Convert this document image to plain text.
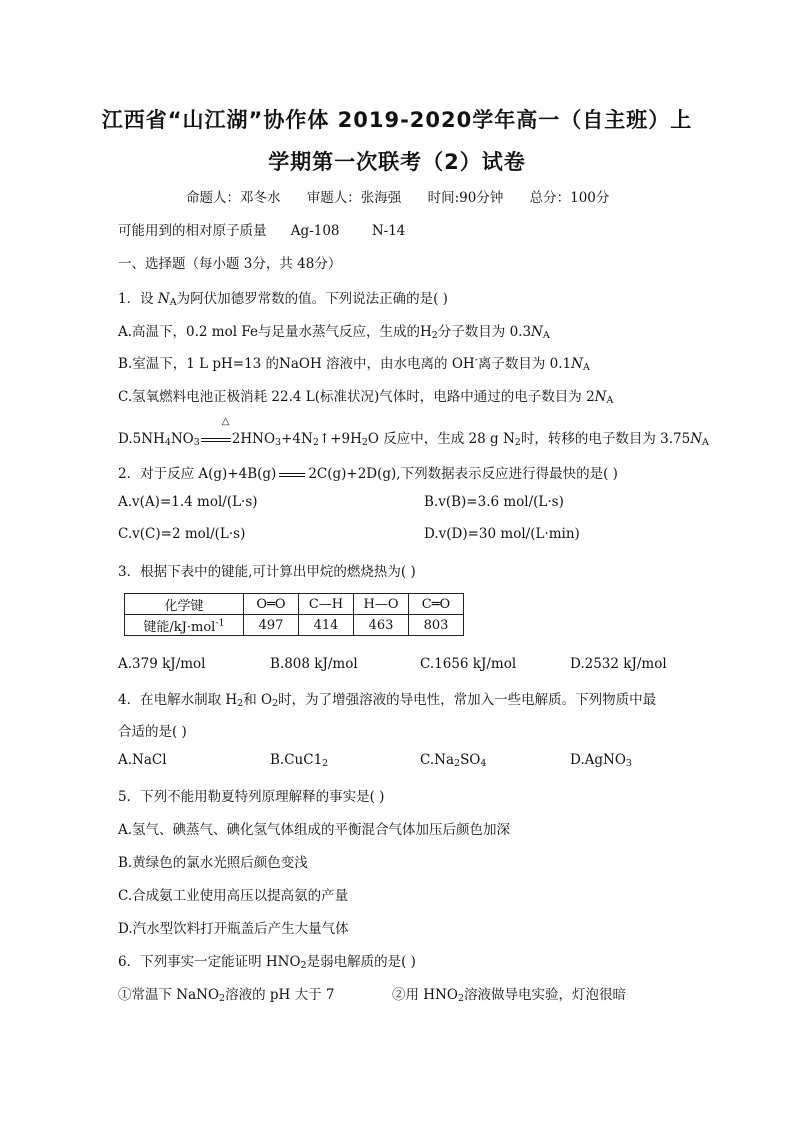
江西省“山江湖”协作体 2019-2020学年高一（自主班）上
学期第一次联考（2）试卷
命题人：邓冬水 审题人：张海强 时间:90分钟 总分：100分
可能用到的相对原子质量 Ag-108 N-14
一、选择题（每小题 3分，共 48分）
1．设 $N_A$为阿伏加德罗常数的值。下列说法正确的是( )
A.高温下，0.2 mol Fe与足量水蒸气反应，生成的$H_2$分子数目为 $0.3N_A$
B.室温下，1 L pH=13 的NaOH 溶液中，由水电离的 OH-离子数目为 $0.1N_A$
C.氢氧燃料电池正极消耗 22.4 L(标准状况)气体时，电路中通过的电子数目为 $2N_A$
$D.5NH_4NO_3$
△
$2HNO_3+4N_2↑+9H_2O$ 反应中，生成 28 g $N_2$时，转移的电子数目为 $3.75N_A$
2．对于反应 A(g)+4B(g) 2C(g)+2D(g),下列数据表示反应进行得最快的是( )
A.v(A)=1.4 mol/(L·s)	B.v(B)=3.6 mol/(L·s)
C.v(C)=2 mol/(L·s)	D.v(D)=30 mol/(L·min)
3．根据下表中的键能,可计算出甲烷的燃烧热为( )
化学键	O═O	C—H	H—O	C═O
键能/kJ·mol$^{-1}$	497	414	463	803
A.379 kJ/mol	B.808 kJ/mol	C.1656 kJ/mol	D.2532 kJ/mol
4．在电解水制取 $H_2$和 $O_2$时，为了增强溶液的导电性，常加入一些电解质。下列物质中最
合适的是( )
A.NaCl	$B.CuC1_2$	$C.Na_2SO_4$	D.AgNO$_3$
5．下列不能用勒夏特列原理解释的事实是( )
A.氢气、碘蒸气、碘化氢气体组成的平衡混合气体加压后颜色加深
B.黄绿色的氯水光照后颜色变浅
C.合成氨工业使用高压以提高氨的产量
D.汽水型饮料打开瓶盖后产生大量气体
6．下列事实一定能证明 $HNO_2$是弱电解质的是( )
①常温下 NaNO$_2$溶液的 pH 大于 7	②用 $HNO_2$溶液做导电实验，灯泡很暗
